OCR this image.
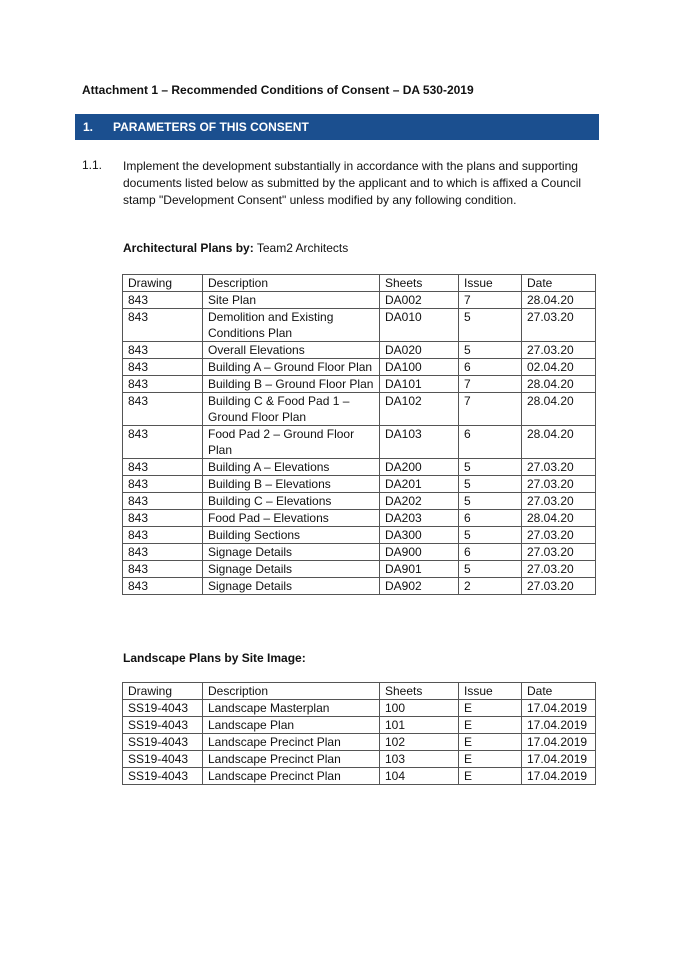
Attachment 1 – Recommended Conditions of Consent – DA 530-2019
1. PARAMETERS OF THIS CONSENT
1.1. Implement the development substantially in accordance with the plans and supporting documents listed below as submitted by the applicant and to which is affixed a Council stamp "Development Consent" unless modified by any following condition.
Architectural Plans by: Team2 Architects
Drawing	Description	Sheets	Issue	Date
843	Site Plan	DA002	7	28.04.20
843	Demolition and Existing Conditions Plan	DA010	5	27.03.20
843	Overall Elevations	DA020	5	27.03.20
843	Building A – Ground Floor Plan	DA100	6	02.04.20
843	Building B – Ground Floor Plan	DA101	7	28.04.20
843	Building C & Food Pad 1 – Ground Floor Plan	DA102	7	28.04.20
843	Food Pad 2 – Ground Floor Plan	DA103	6	28.04.20
843	Building A – Elevations	DA200	5	27.03.20
843	Building B – Elevations	DA201	5	27.03.20
843	Building C – Elevations	DA202	5	27.03.20
843	Food Pad – Elevations	DA203	6	28.04.20
843	Building Sections	DA300	5	27.03.20
843	Signage Details	DA900	6	27.03.20
843	Signage Details	DA901	5	27.03.20
843	Signage Details	DA902	2	27.03.20
Landscape Plans by Site Image:
Drawing	Description	Sheets	Issue	Date
SS19-4043	Landscape Masterplan	100	E	17.04.2019
SS19-4043	Landscape Plan	101	E	17.04.2019
SS19-4043	Landscape Precinct Plan	102	E	17.04.2019
SS19-4043	Landscape Precinct Plan	103	E	17.04.2019
SS19-4043	Landscape Precinct Plan	104	E	17.04.2019
